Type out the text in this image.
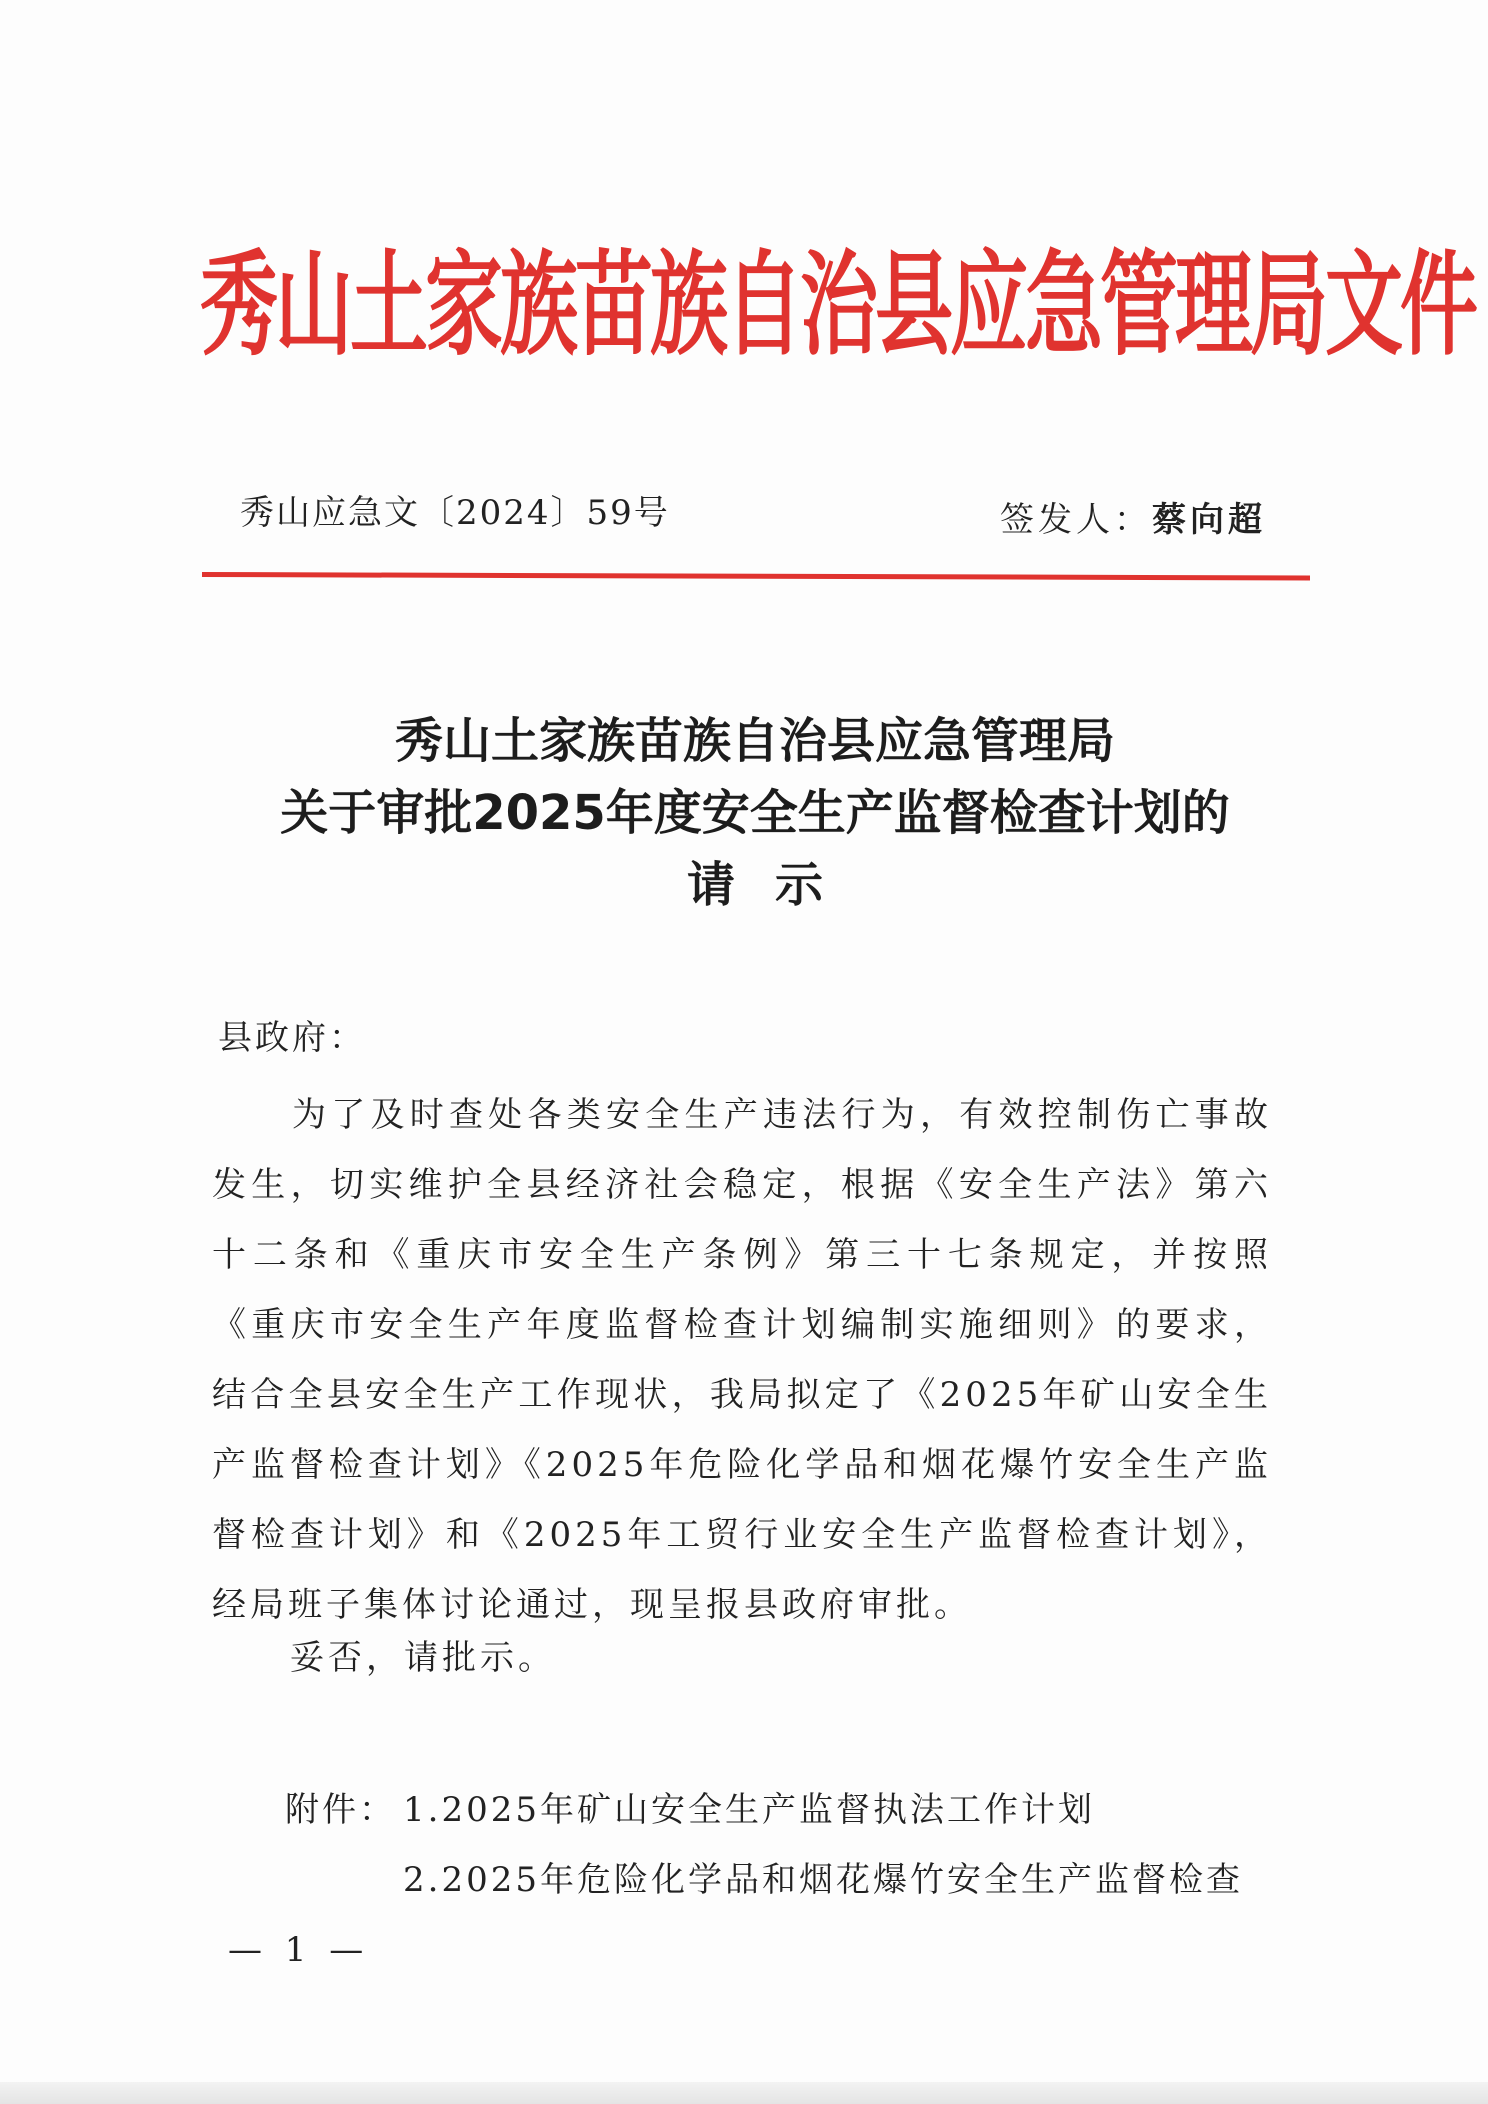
秀山土家族苗族自治县应急管理局文件
秀山应急文〔2024〕59号	签发人：蔡向超
秀山土家族苗族自治县应急管理局
关于审批2025年度安全生产监督检查计划的
请示
县政府：

为了及时查处各类安全生产违法行为，有效控制伤亡事故发生，切实维护全县经济社会稳定，根据《安全生产法》第六十二条和《重庆市安全生产条例》第三十七条规定，并按照《重庆市安全生产年度监督检查计划编制实施细则》的要求，结合全县安全生产工作现状，我局拟定了《2025年矿山安全生产监督检查计划》《2025年危险化学品和烟花爆竹安全生产监督检查计划》和《2025年工贸行业安全生产监督检查计划》，经局班子集体讨论通过，现呈报县政府审批。

妥否，请批示。
附件： 1.2025年矿山安全生产监督执法工作计划
2.2025年危险化学品和烟花爆竹安全生产监督检查
— 1 —
